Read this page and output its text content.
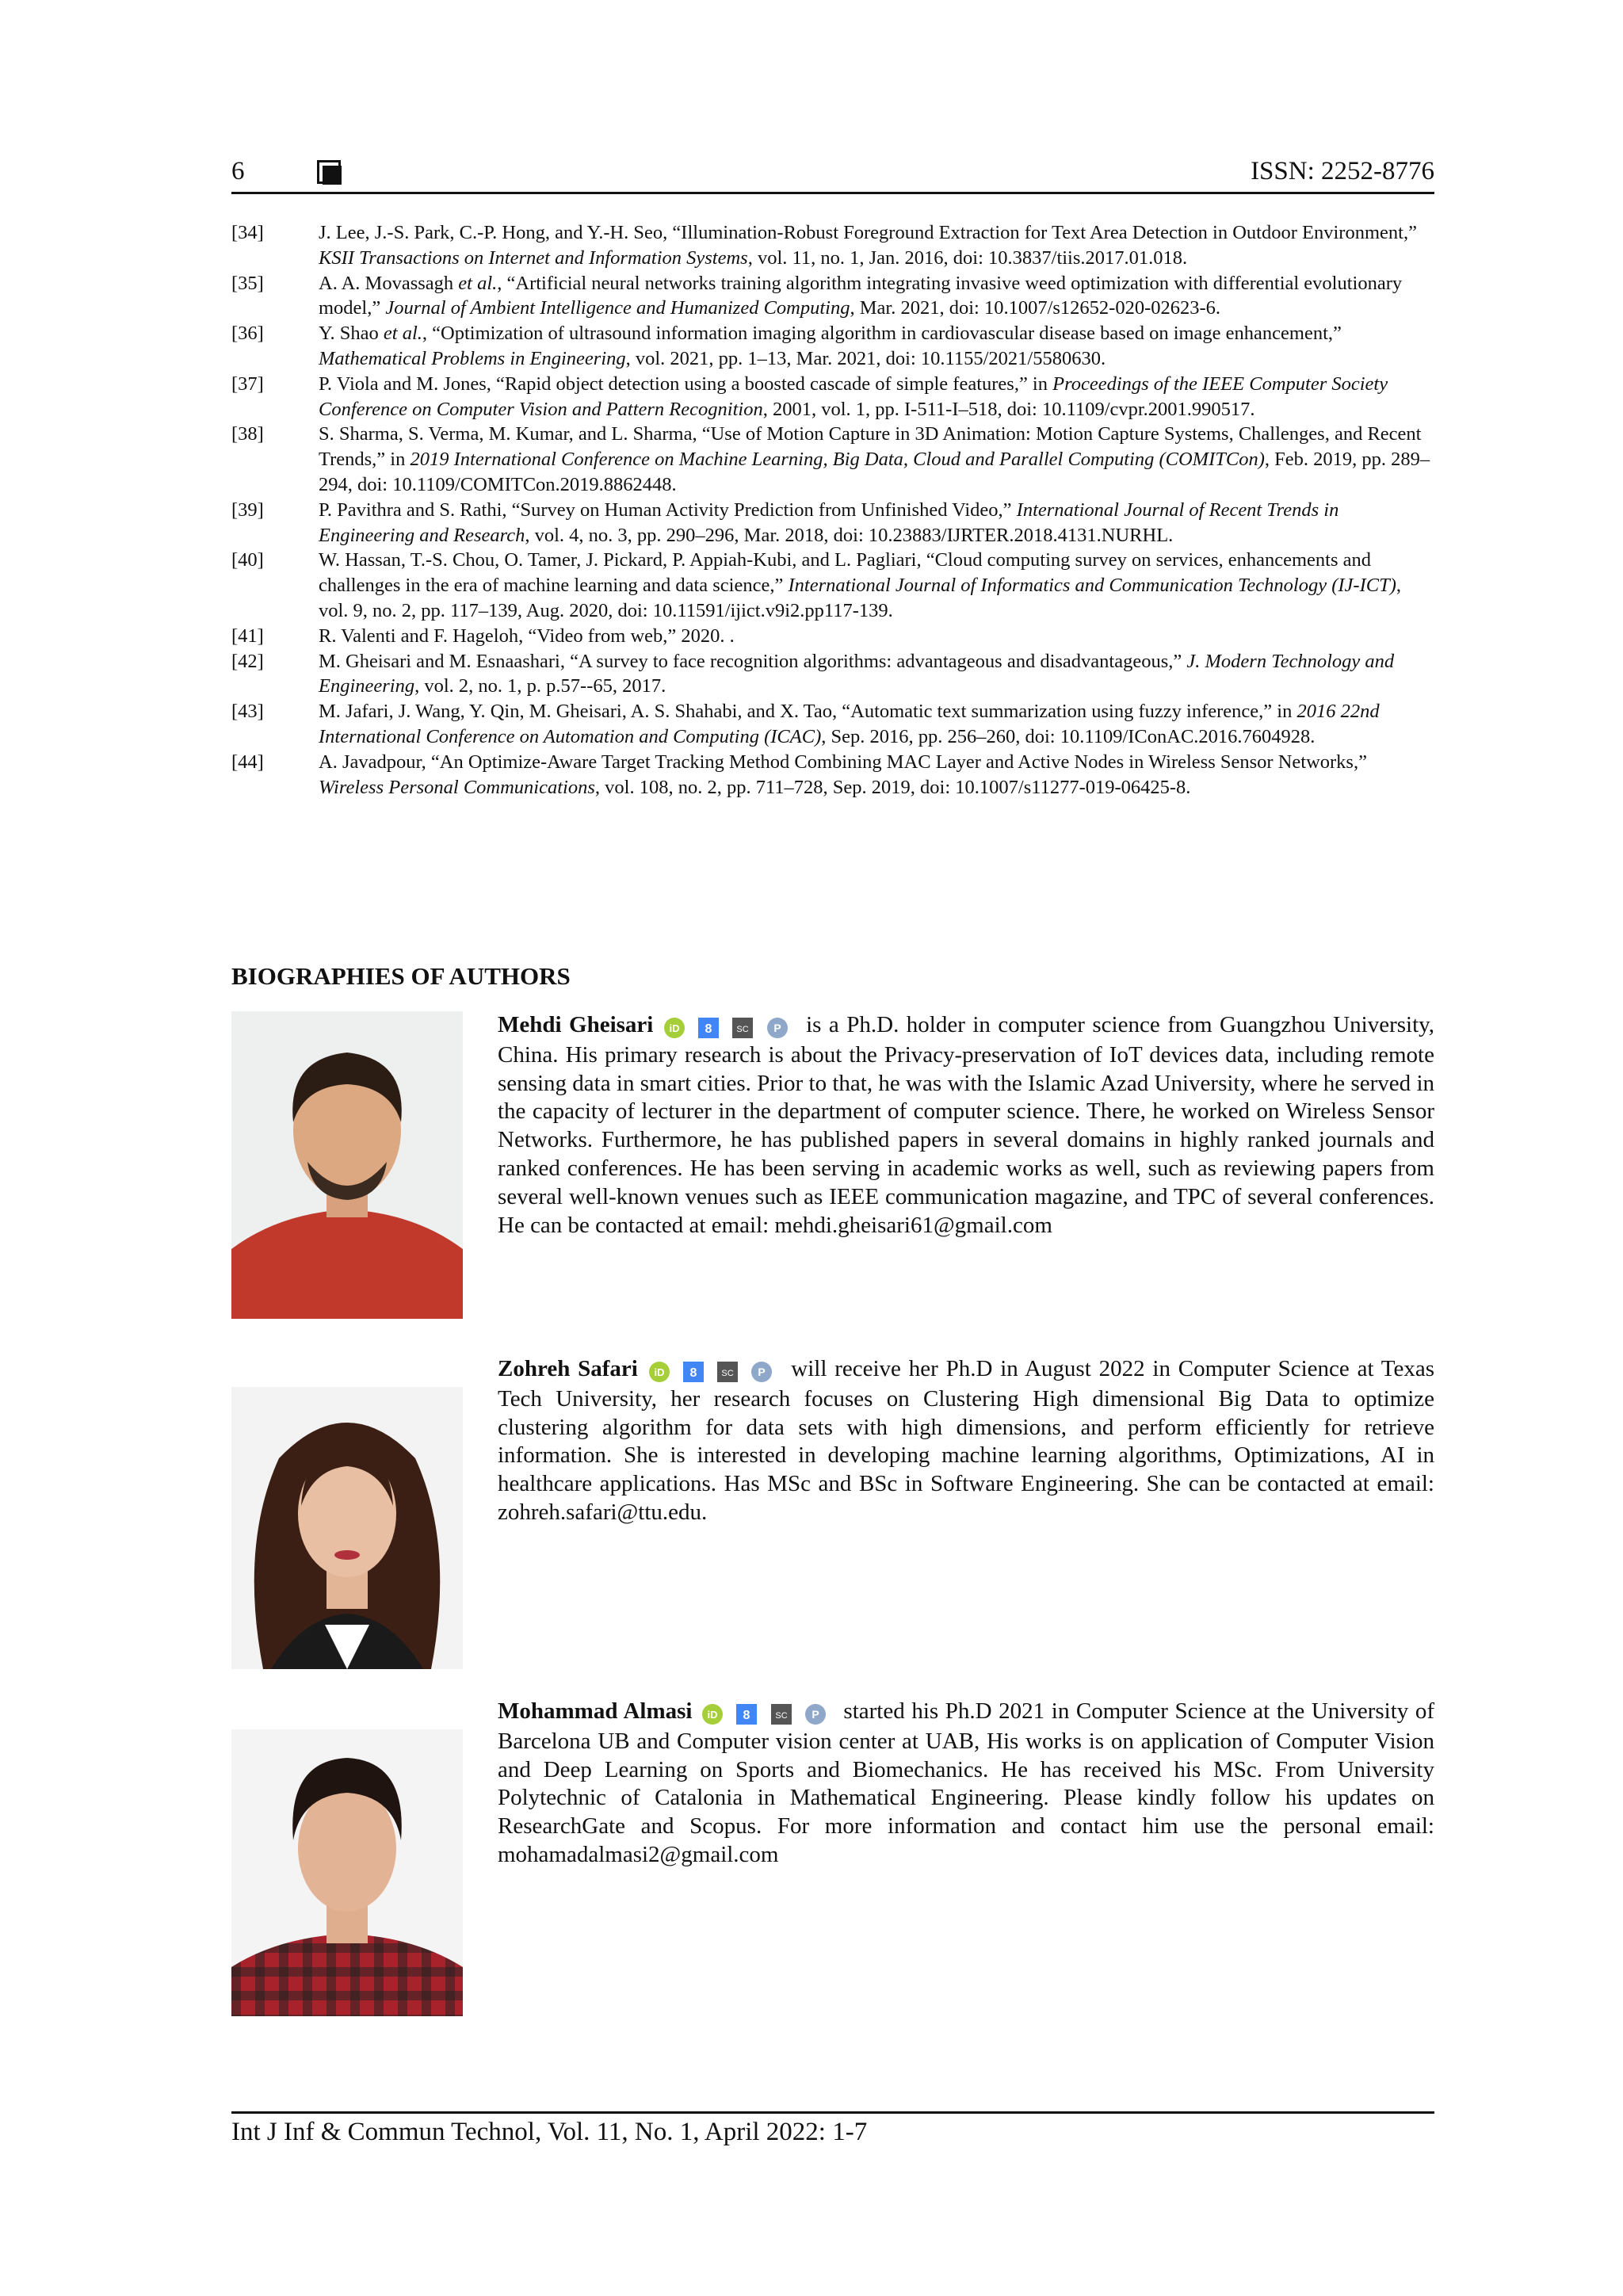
6	ISSN: 2252-8776
[34]	J. Lee, J.-S. Park, C.-P. Hong, and Y.-H. Seo, “Illumination-Robust Foreground Extraction for Text Area Detection in Outdoor Environment,” KSII Transactions on Internet and Information Systems, vol. 11, no. 1, Jan. 2016, doi: 10.3837/tiis.2017.01.018.
[35]	A. A. Movassagh et al., “Artificial neural networks training algorithm integrating invasive weed optimization with differential evolutionary model,” Journal of Ambient Intelligence and Humanized Computing, Mar. 2021, doi: 10.1007/s12652-020-02623-6.
[36]	Y. Shao et al., “Optimization of ultrasound information imaging algorithm in cardiovascular disease based on image enhancement,” Mathematical Problems in Engineering, vol. 2021, pp. 1–13, Mar. 2021, doi: 10.1155/2021/5580630.
[37]	P. Viola and M. Jones, “Rapid object detection using a boosted cascade of simple features,” in Proceedings of the IEEE Computer Society Conference on Computer Vision and Pattern Recognition, 2001, vol. 1, pp. I-511-I–518, doi: 10.1109/cvpr.2001.990517.
[38]	S. Sharma, S. Verma, M. Kumar, and L. Sharma, “Use of Motion Capture in 3D Animation: Motion Capture Systems, Challenges, and Recent Trends,” in 2019 International Conference on Machine Learning, Big Data, Cloud and Parallel Computing (COMITCon), Feb. 2019, pp. 289–294, doi: 10.1109/COMITCon.2019.8862448.
[39]	P. Pavithra and S. Rathi, “Survey on Human Activity Prediction from Unfinished Video,” International Journal of Recent Trends in Engineering and Research, vol. 4, no. 3, pp. 290–296, Mar. 2018, doi: 10.23883/IJRTER.2018.4131.NURHL.
[40]	W. Hassan, T.-S. Chou, O. Tamer, J. Pickard, P. Appiah-Kubi, and L. Pagliari, “Cloud computing survey on services, enhancements and challenges in the era of machine learning and data science,” International Journal of Informatics and Communication Technology (IJ-ICT), vol. 9, no. 2, pp. 117–139, Aug. 2020, doi: 10.11591/ijict.v9i2.pp117-139.
[41]	R. Valenti and F. Hageloh, “Video from web,” 2020. .
[42]	M. Gheisari and M. Esnaashari, “A survey to face recognition algorithms: advantageous and disadvantageous,” J. Modern Technology and Engineering, vol. 2, no. 1, p. p.57--65, 2017.
[43]	M. Jafari, J. Wang, Y. Qin, M. Gheisari, A. S. Shahabi, and X. Tao, “Automatic text summarization using fuzzy inference,” in 2016 22nd International Conference on Automation and Computing (ICAC), Sep. 2016, pp. 256–260, doi: 10.1109/IConAC.2016.7604928.
[44]	A. Javadpour, “An Optimize-Aware Target Tracking Method Combining MAC Layer and Active Nodes in Wireless Sensor Networks,” Wireless Personal Communications, vol. 108, no. 2, pp. 711–728, Sep. 2019, doi: 10.1007/s11277-019-06425-8.
BIOGRAPHIES OF AUTHORS
Mehdi Gheisari iD
8
	SC
P is a Ph.D. holder in computer science from Guangzhou University, China. His primary research is about the Privacy-preservation of IoT devices data, including remote sensing data in smart cities. Prior to that, he was with the Islamic Azad University, where he served in the capacity of lecturer in the department of computer science. There, he worked on Wireless Sensor Networks. Furthermore, he has published papers in several domains in highly ranked journals and ranked conferences. He has been serving in academic works as well, such as reviewing papers from several well-known venues such as IEEE communication magazine, and TPC of several conferences. He can be contacted at email: mehdi.gheisari61@gmail.com
Zohreh Safari iD
8
	SC
P will receive her Ph.D in August 2022 in Computer Science at Texas Tech University, her research focuses on Clustering High dimensional Big Data to optimize clustering algorithm for data sets with high dimensions, and perform efficiently for retrieve information. She is interested in developing machine learning algorithms, Optimizations, AI in healthcare applications. Has MSc and BSc in Software Engineering. She can be contacted at email: zohreh.safari@ttu.edu.
Mohammad Almasi iD
8
	SC
P started his Ph.D 2021 in Computer Science at the University of Barcelona UB and Computer vision center at UAB, His works is on application of Computer Vision and Deep Learning on Sports and Biomechanics. He has received his MSc. From University Polytechnic of Catalonia in Mathematical Engineering. Please kindly follow his updates on ResearchGate and Scopus. For more information and contact him use the personal email: mohamadalmasi2@gmail.com
Int J Inf & Commun Technol, Vol. 11, No. 1, April 2022: 1-7
